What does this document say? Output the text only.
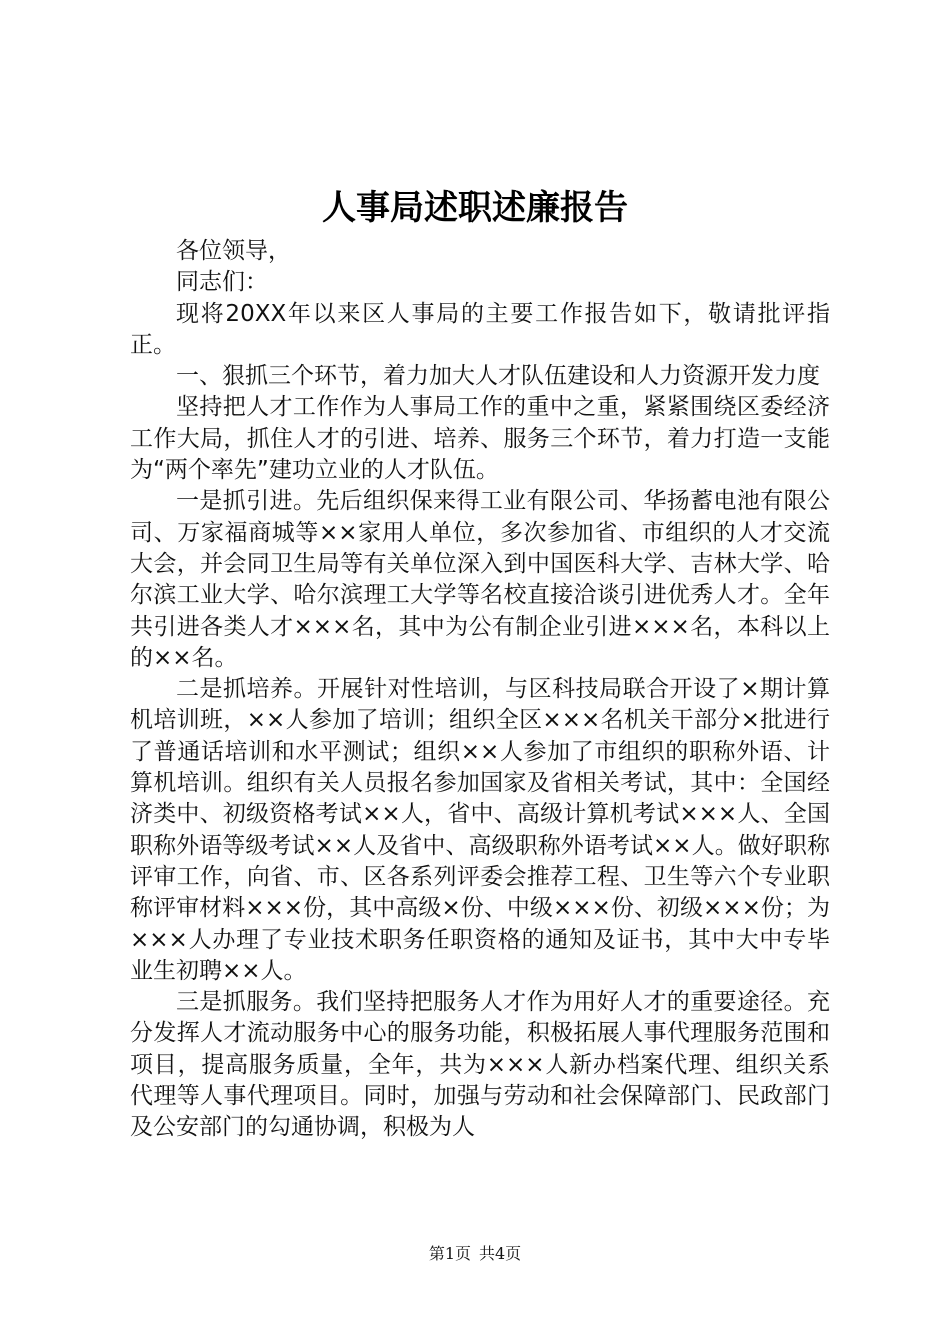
人事局述职述廉报告

各位领导，

同志们：

现将20XX年以来区人事局的主要工作报告如下，敬请批评指正。

一、狠抓三个环节，着力加大人才队伍建设和人力资源开发力度

坚持把人才工作作为人事局工作的重中之重，紧紧围绕区委经济工作大局，抓住人才的引进、培养、服务三个环节，着力打造一支能为“两个率先”建功立业的人才队伍。

一是抓引进。先后组织保来得工业有限公司、华扬蓄电池有限公司、万家福商城等××家用人单位，多次参加省、市组织的人才交流大会，并会同卫生局等有关单位深入到中国医科大学、吉林大学、哈尔滨工业大学、哈尔滨理工大学等名校直接洽谈引进优秀人才。全年共引进各类人才×××名，其中为公有制企业引进×××名，本科以上的××名。

二是抓培养。开展针对性培训，与区科技局联合开设了×期计算机培训班，××人参加了培训；组织全区×××名机关干部分×批进行了普通话培训和水平测试；组织××人参加了市组织的职称外语、计算机培训。组织有关人员报名参加国家及省相关考试，其中：全国经济类中、初级资格考试××人，省中、高级计算机考试×××人、全国职称外语等级考试××人及省中、高级职称外语考试××人。做好职称评审工作，向省、市、区各系列评委会推荐工程、卫生等六个专业职称评审材料×××份，其中高级×份、中级×××份、初级×××份；为×××人办理了专业技术职务任职资格的通知及证书，其中大中专毕业生初聘××人。

三是抓服务。我们坚持把服务人才作为用好人才的重要途径。充分发挥人才流动服务中心的服务功能，积极拓展人事代理服务范围和项目，提高服务质量，全年，共为×××人新办档案代理、组织关系代理等人事代理项目。同时，加强与劳动和社会保障部门、民政部门及公安部门的勾通协调，积极为人

第1页 共4页
